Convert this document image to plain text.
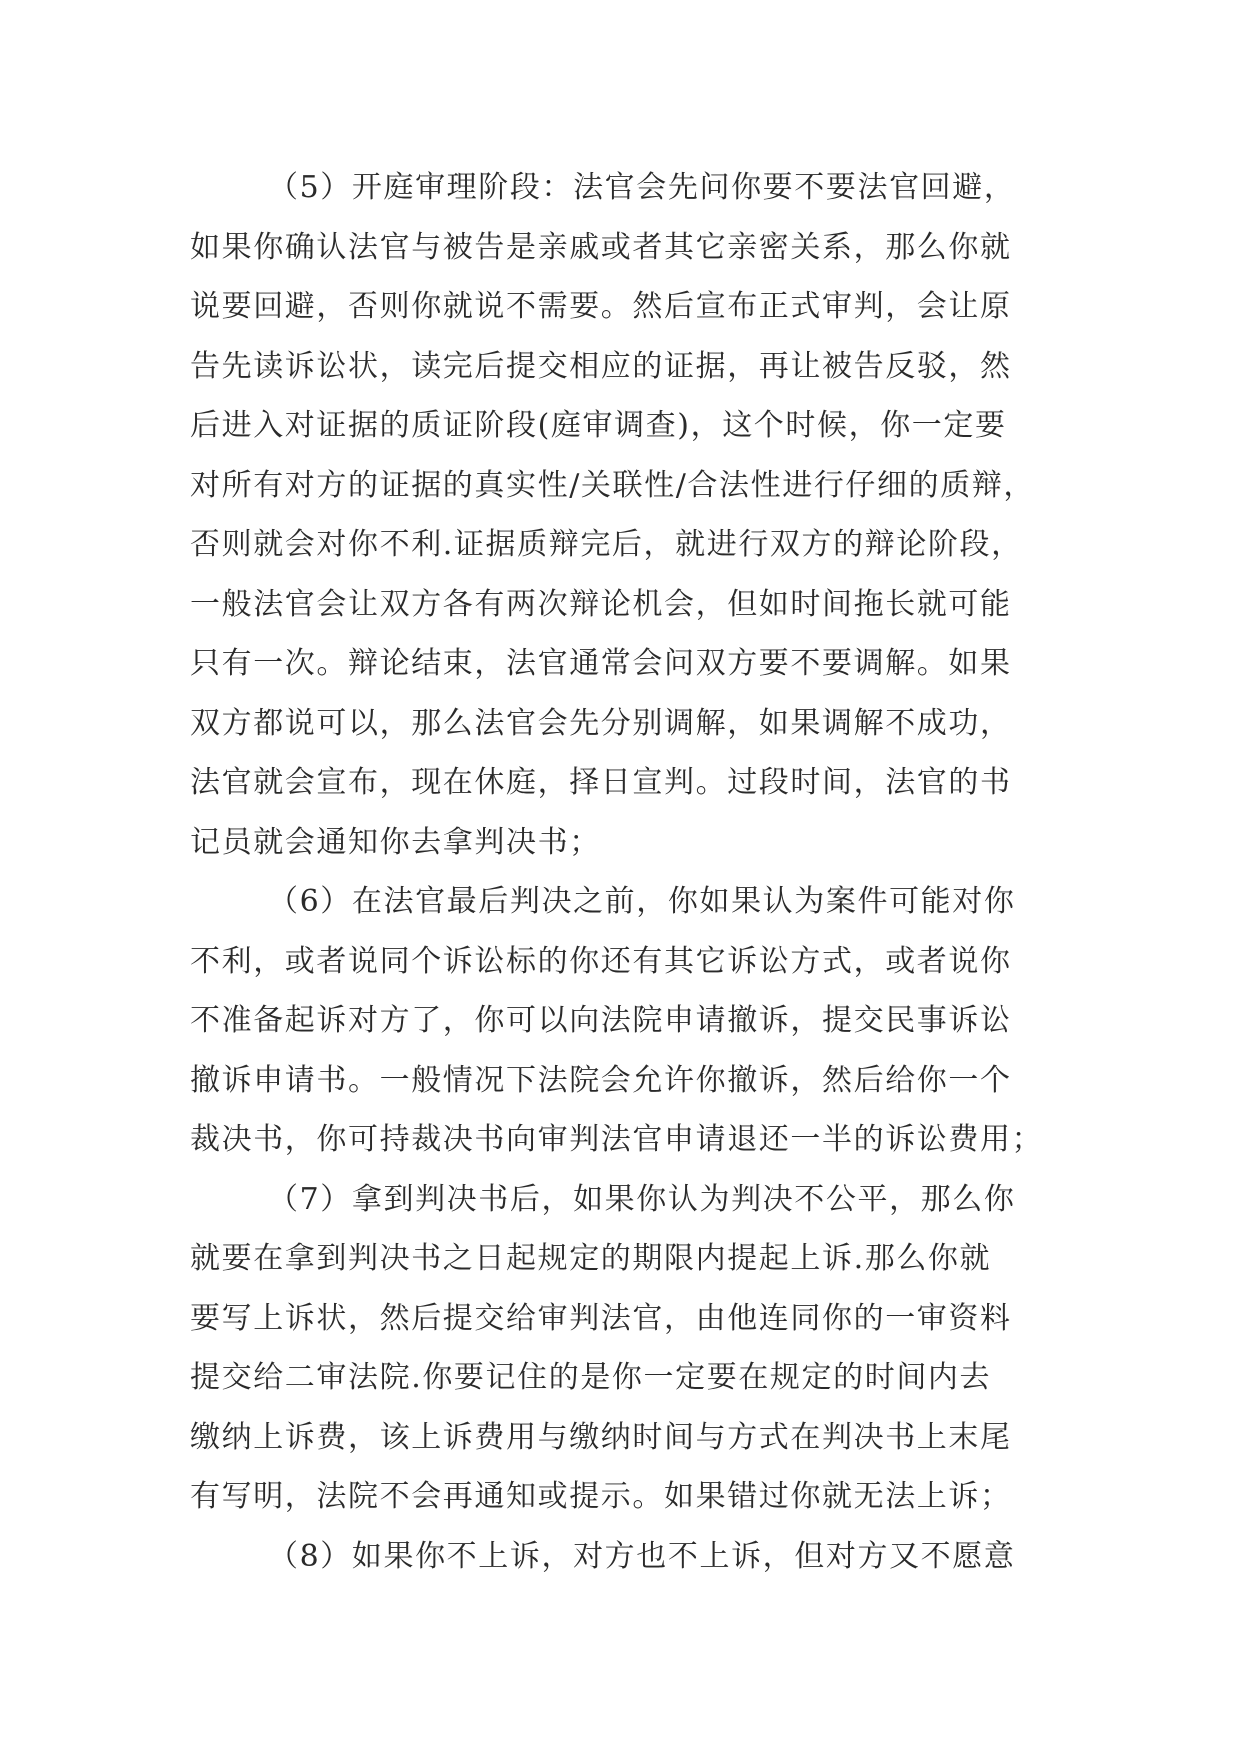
（5）开庭审理阶段：法官会先问你要不要法官回避，
如果你确认法官与被告是亲戚或者其它亲密关系，那么你就
说要回避，否则你就说不需要。然后宣布正式审判，会让原
告先读诉讼状，读完后提交相应的证据，再让被告反驳，然
后进入对证据的质证阶段(庭审调查)，这个时候，你一定要
对所有对方的证据的真实性/关联性/合法性进行仔细的质辩，
否则就会对你不利.证据质辩完后，就进行双方的辩论阶段，
一般法官会让双方各有两次辩论机会，但如时间拖长就可能
只有一次。辩论结束，法官通常会问双方要不要调解。如果
双方都说可以，那么法官会先分别调解，如果调解不成功，
法官就会宣布，现在休庭，择日宣判。过段时间，法官的书
记员就会通知你去拿判决书；
（6）在法官最后判决之前，你如果认为案件可能对你
不利，或者说同个诉讼标的你还有其它诉讼方式，或者说你
不准备起诉对方了，你可以向法院申请撤诉，提交民事诉讼
撤诉申请书。一般情况下法院会允许你撤诉，然后给你一个
裁决书，你可持裁决书向审判法官申请退还一半的诉讼费用；
（7）拿到判决书后，如果你认为判决不公平，那么你
就要在拿到判决书之日起规定的期限内提起上诉.那么你就
要写上诉状，然后提交给审判法官，由他连同你的一审资料
提交给二审法院.你要记住的是你一定要在规定的时间内去
缴纳上诉费，该上诉费用与缴纳时间与方式在判决书上末尾
有写明，法院不会再通知或提示。如果错过你就无法上诉；
（8）如果你不上诉，对方也不上诉，但对方又不愿意
